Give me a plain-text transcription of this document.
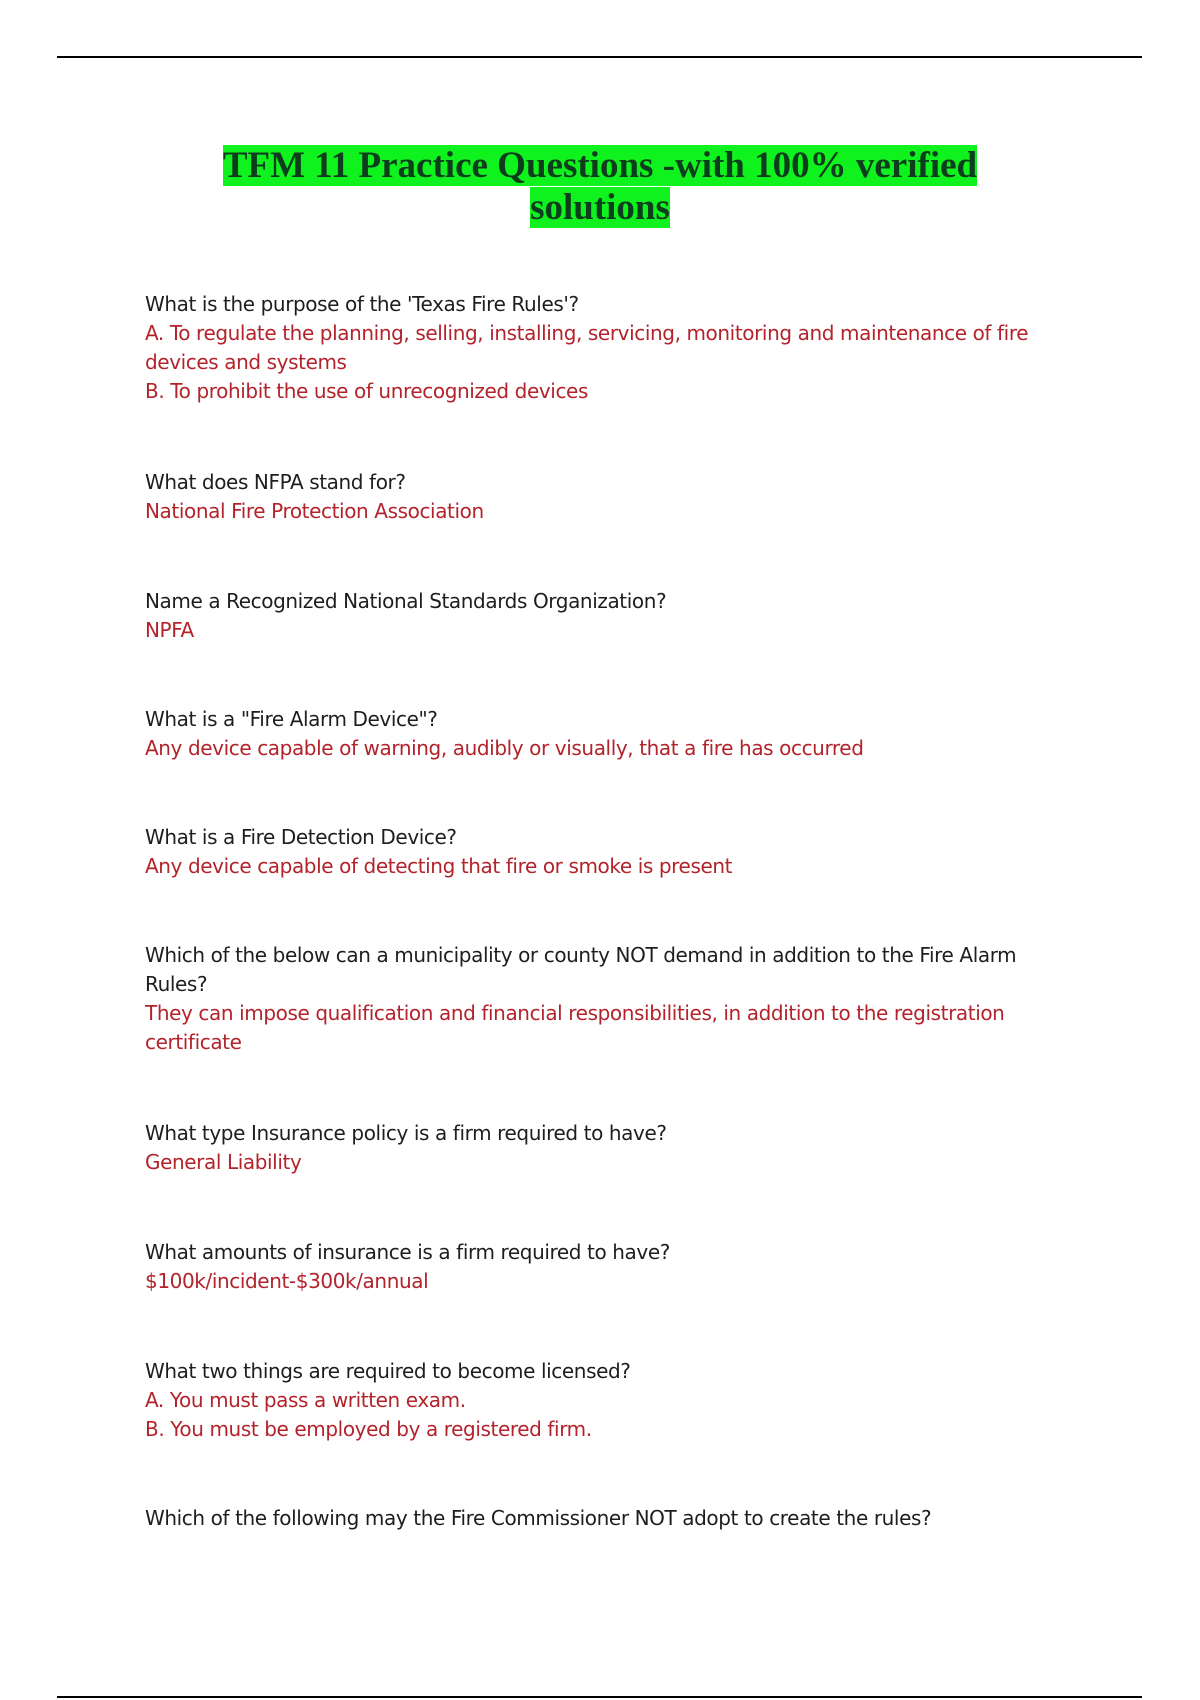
TFM 11 Practice Questions -with 100% verified solutions

What is the purpose of the 'Texas Fire Rules'?

A. To regulate the planning, selling, installing, servicing, monitoring and maintenance of fire devices and systems

B. To prohibit the use of unrecognized devices

What does NFPA stand for?

National Fire Protection Association

Name a Recognized National Standards Organization?

NPFA

What is a "Fire Alarm Device"?

Any device capable of warning, audibly or visually, that a fire has occurred

What is a Fire Detection Device?

Any device capable of detecting that fire or smoke is present

Which of the below can a municipality or county NOT demand in addition to the Fire Alarm Rules?

They can impose qualification and financial responsibilities, in addition to the registration certificate

What type Insurance policy is a firm required to have?

General Liability

What amounts of insurance is a firm required to have?

$100k/incident-$300k/annual

What two things are required to become licensed?

A. You must pass a written exam.

B. You must be employed by a registered firm.

Which of the following may the Fire Commissioner NOT adopt to create the rules?
